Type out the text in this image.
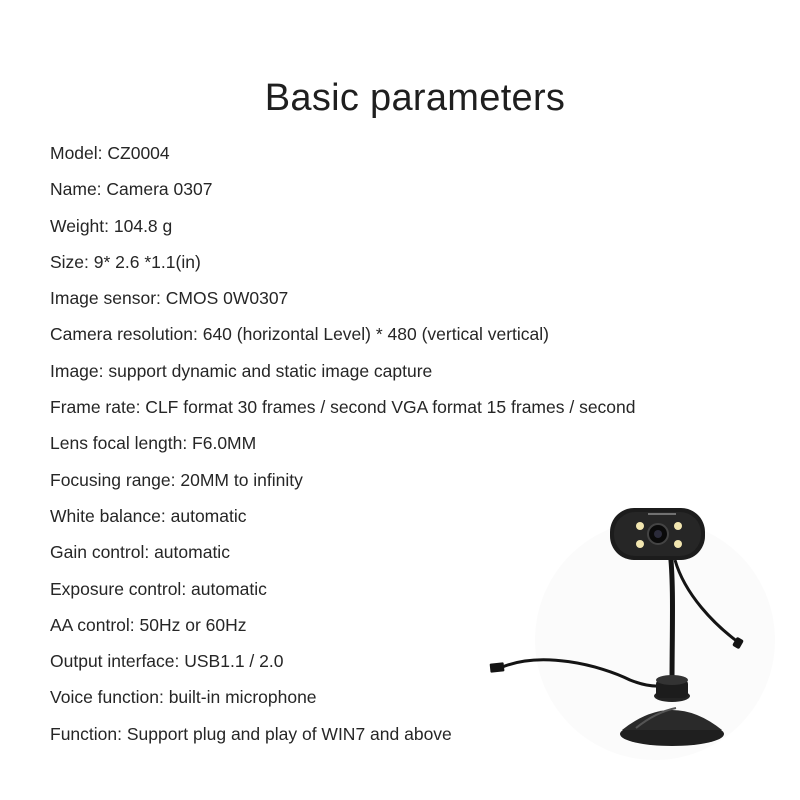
Basic parameters
Model: CZ0004
Name: Camera 0307
Weight: 104.8 g
Size: 9* 2.6 *1.1(in)
Image sensor: CMOS 0W0307
Camera resolution: 640 (horizontal Level) * 480 (vertical vertical)
Image: support dynamic and static image capture
Frame rate: CLF format 30 frames / second VGA format 15 frames / second
Lens focal length: F6.0MM
Focusing range: 20MM to infinity
White balance: automatic
Gain control: automatic
Exposure control: automatic
AA control: 50Hz or 60Hz
Output interface: USB1.1 / 2.0
Voice function: built-in microphone
Function: Support plug and play of WIN7 and above
